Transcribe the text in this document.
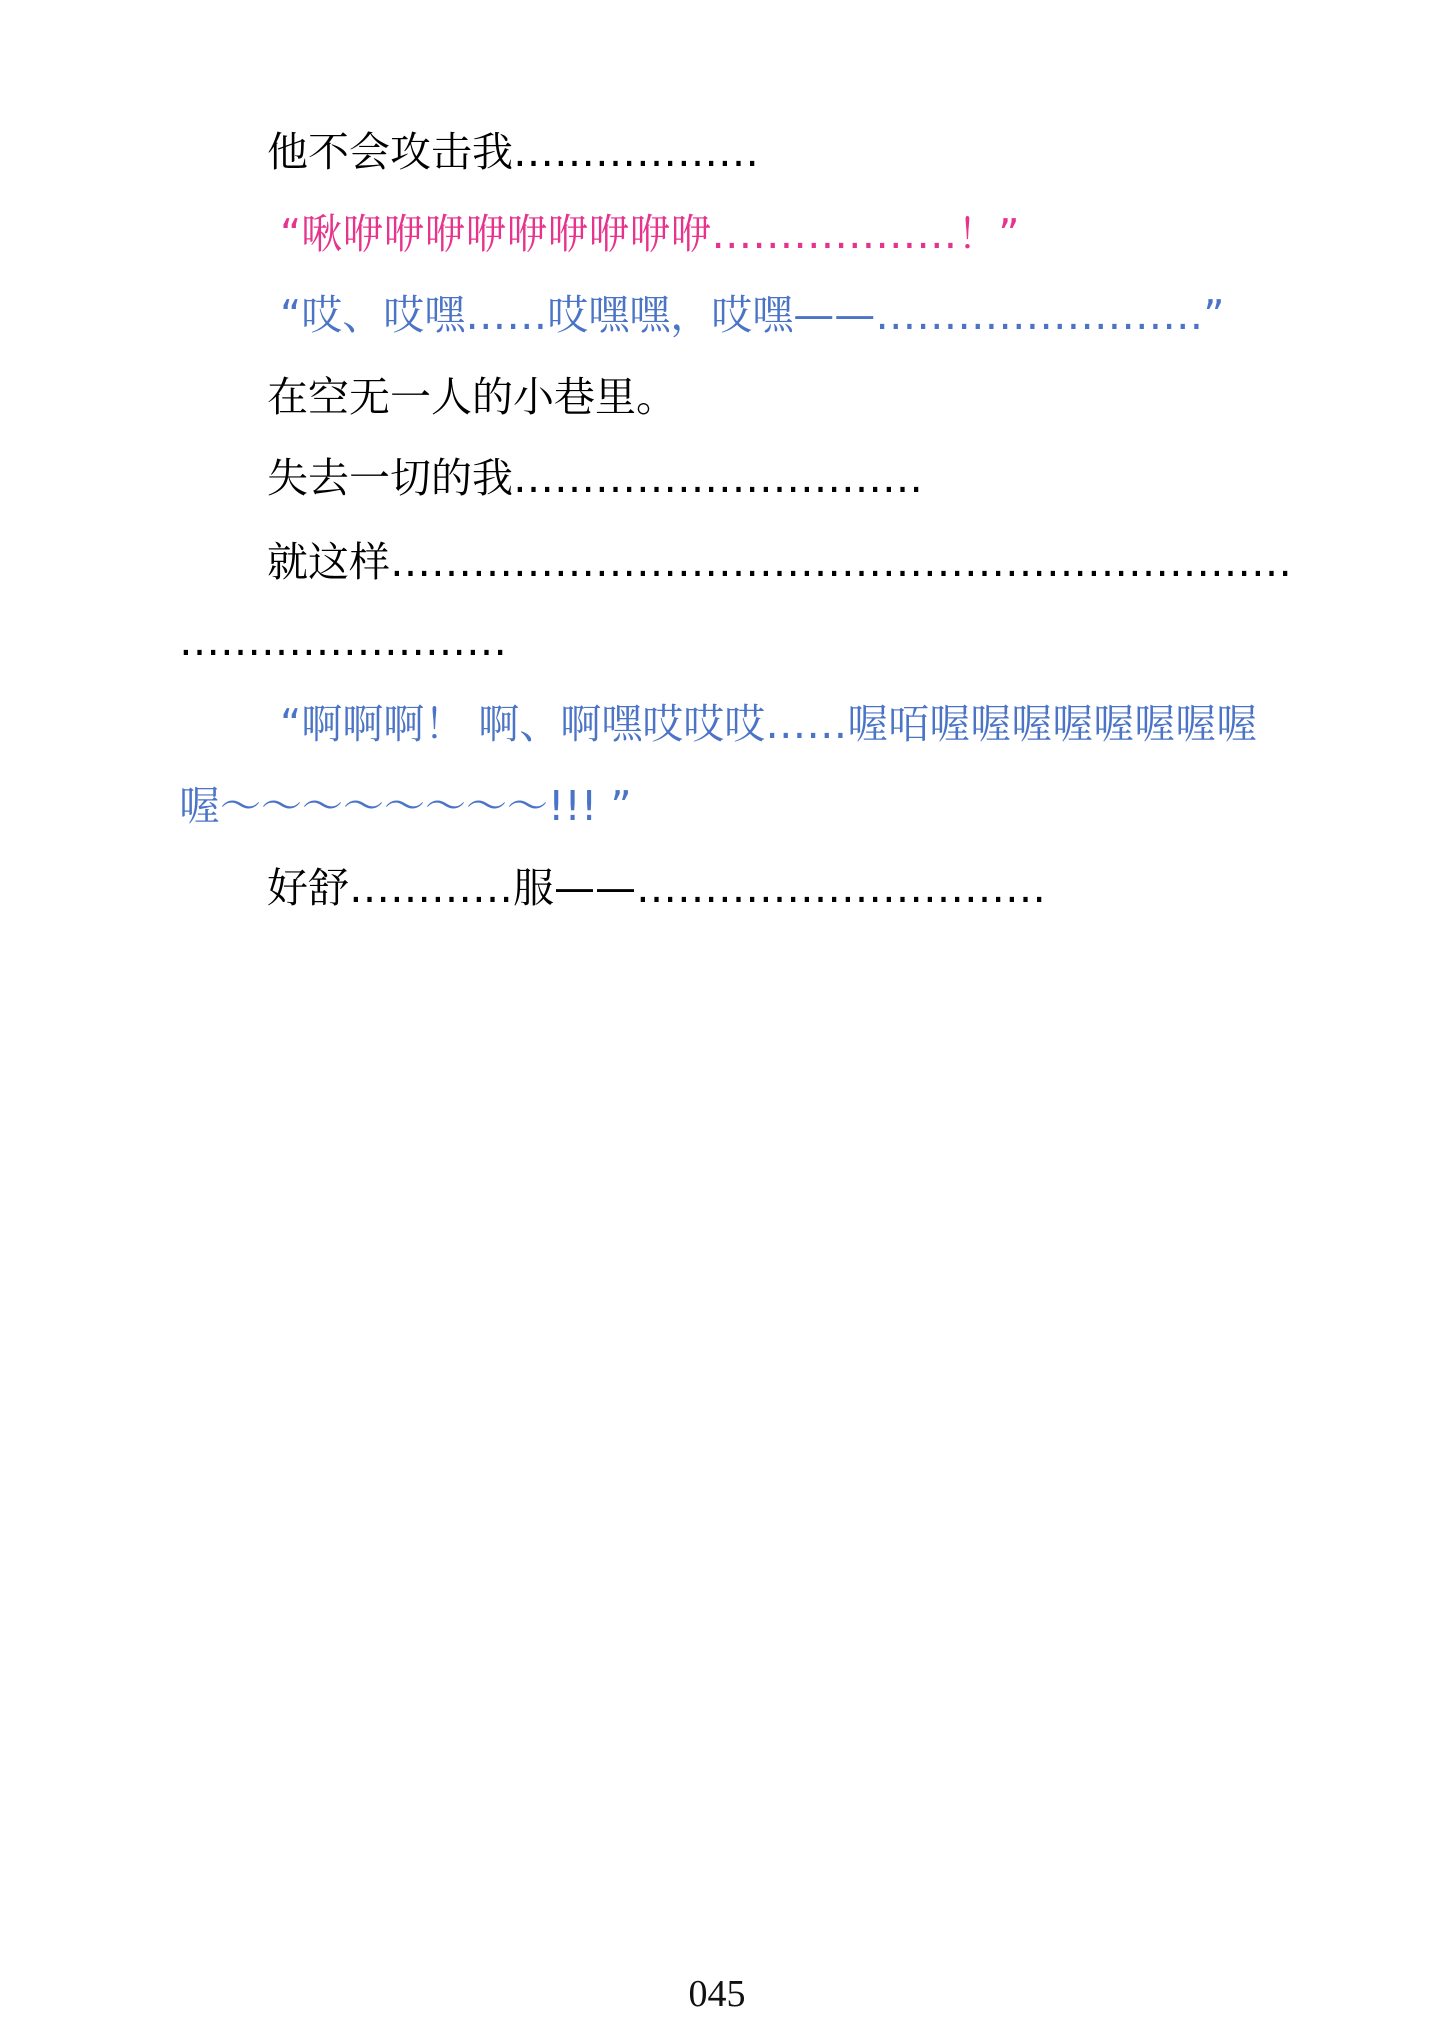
他不会攻击我………………
“啾咿咿咿咿咿咿咿咿咿………………！”
“哎、哎嘿……哎嘿嘿，哎嘿——……………………”
在空无一人的小巷里。
失去一切的我…………………………
就这样…………………………………………………………
……………………
“啊啊啊！ 啊、啊嘿哎哎哎……喔咟喔喔喔喔喔喔喔喔
喔～～～～～～～～!!! ”
好舒…………服——…………………………
045
